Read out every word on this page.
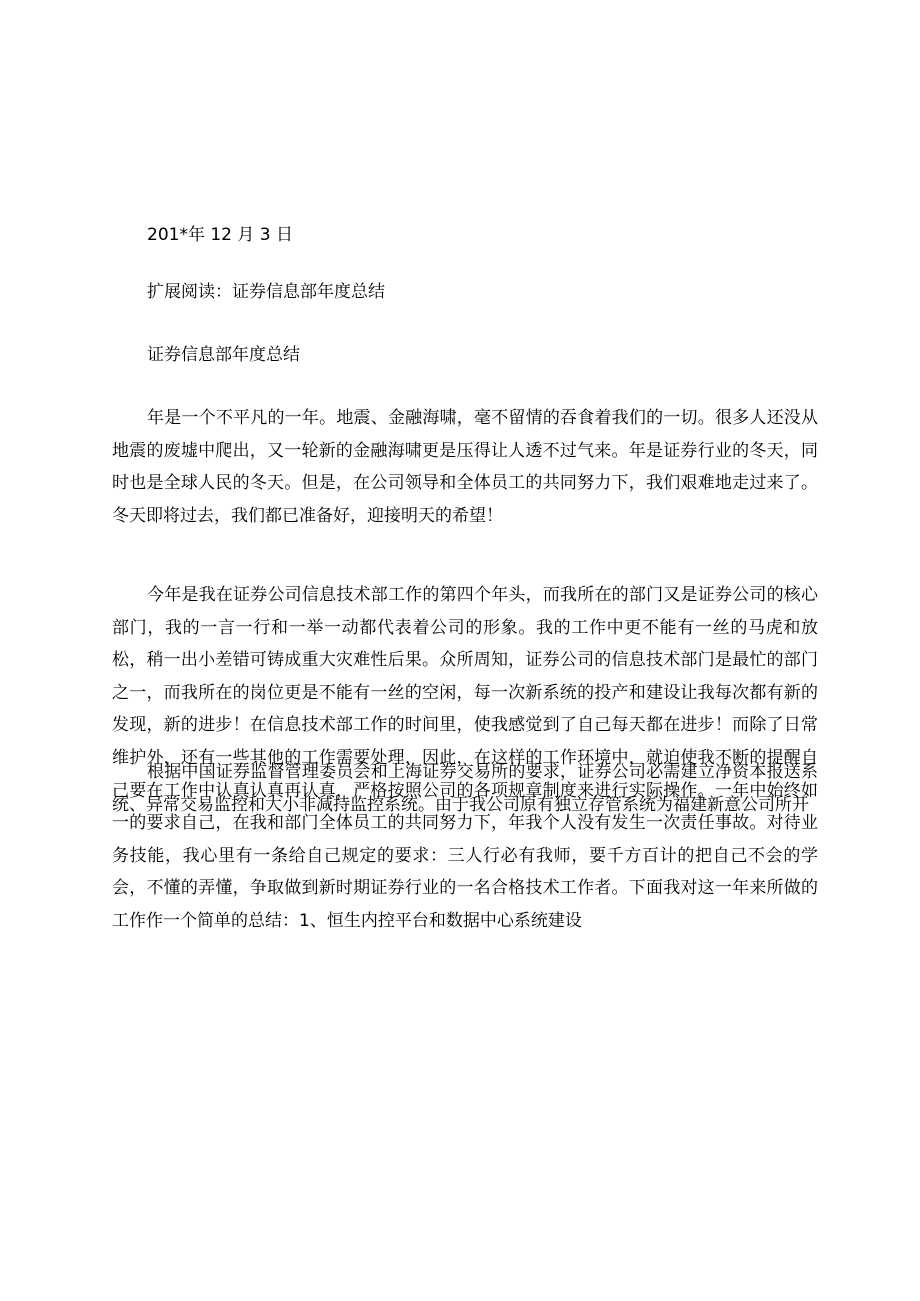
201*年 12 月 3 日
扩展阅读：证券信息部年度总结
证券信息部年度总结

年是一个不平凡的一年。地震、金融海啸，毫不留情的吞食着我们的一切。很多人还没从地震的废墟中爬出，又一轮新的金融海啸更是压得让人透不过气来。年是证券行业的冬天，同时也是全球人民的冬天。但是，在公司领导和全体员工的共同努力下，我们艰难地走过来了。冬天即将过去，我们都已准备好，迎接明天的希望！

今年是我在证券公司信息技术部工作的第四个年头，而我所在的部门又是证券公司的核心部门，我的一言一行和一举一动都代表着公司的形象。我的工作中更不能有一丝的马虎和放松，稍一出小差错可铸成重大灾难性后果。众所周知，证券公司的信息技术部门是最忙的部门之一，而我所在的岗位更是不能有一丝的空闲，每一次新系统的投产和建设让我每次都有新的发现，新的进步！在信息技术部工作的时间里，使我感觉到了自己每天都在进步！而除了日常维护外，还有一些其他的工作需要处理，因此，在这样的工作环境中，就迫使我不断的提醒自己要在工作中认真认真再认真，严格按照公司的各项规章制度来进行实际操作。一年中始终如一的要求自己，在我和部门全体员工的共同努力下，年我个人没有发生一次责任事故。对待业务技能，我心里有一条给自己规定的要求：三人行必有我师，要千方百计的把自己不会的学会，不懂的弄懂，争取做到新时期证券行业的一名合格技术工作者。下面我对这一年来所做的工作作一个简单的总结：1、恒生内控平台和数据中心系统建设

根据中国证券监督管理委员会和上海证券交易所的要求，证券公司必需建立净资本报送系统、异常交易监控和大小非减持监控系统。由于我公司原有独立存管系统为福建新意公司所开
